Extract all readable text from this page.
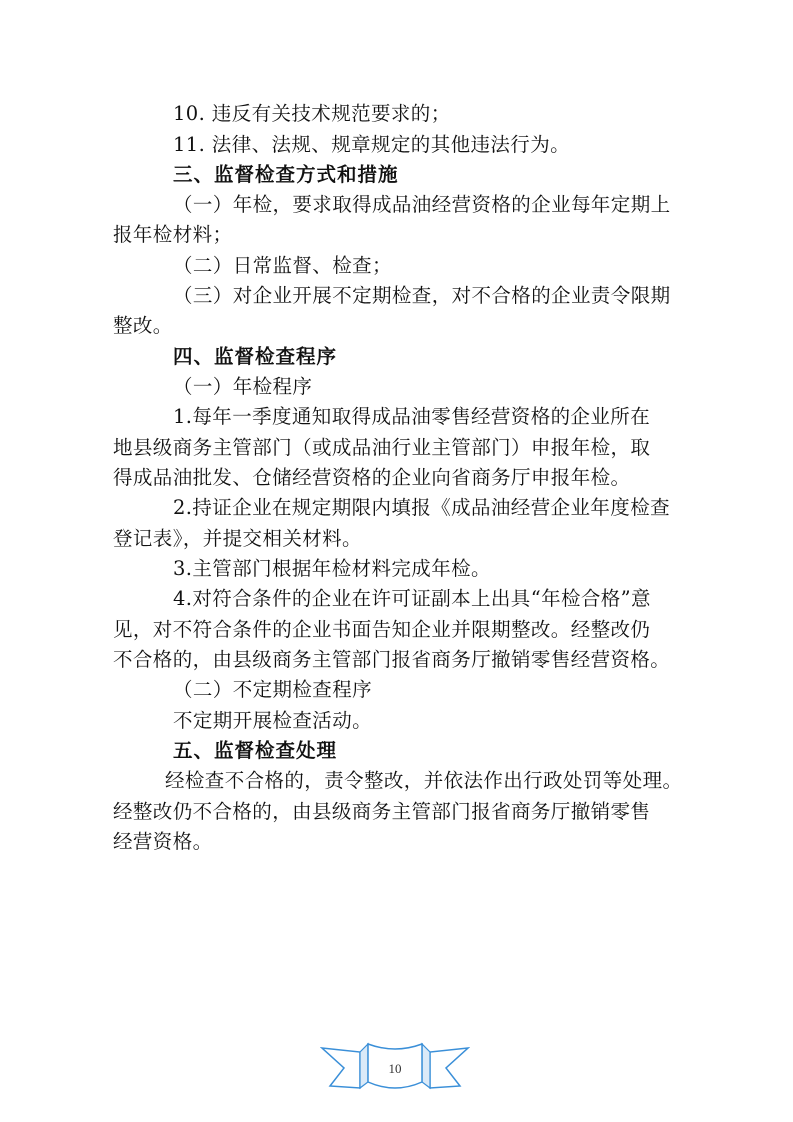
10. 违反有关技术规范要求的；
11. 法律、法规、规章规定的其他违法行为。
三、监督检查方式和措施
（一）年检，要求取得成品油经营资格的企业每年定期上
报年检材料；
（二）日常监督、检查；
（三）对企业开展不定期检查，对不合格的企业责令限期
整改。
四、监督检查程序
（一）年检程序
1.每年一季度通知取得成品油零售经营资格的企业所在
地县级商务主管部门（或成品油行业主管部门）申报年检，取
得成品油批发、仓储经营资格的企业向省商务厅申报年检。
2.持证企业在规定期限内填报《成品油经营企业年度检查
登记表》，并提交相关材料。
3.主管部门根据年检材料完成年检。
4.对符合条件的企业在许可证副本上出具“年检合格”意
见，对不符合条件的企业书面告知企业并限期整改。经整改仍
不合格的，由县级商务主管部门报省商务厅撤销零售经营资格。
（二）不定期检查程序
不定期开展检查活动。
五、监督检查处理
经检查不合格的，责令整改，并依法作出行政处罚等处理。
经整改仍不合格的，由县级商务主管部门报省商务厅撤销零售
经营资格。
10
